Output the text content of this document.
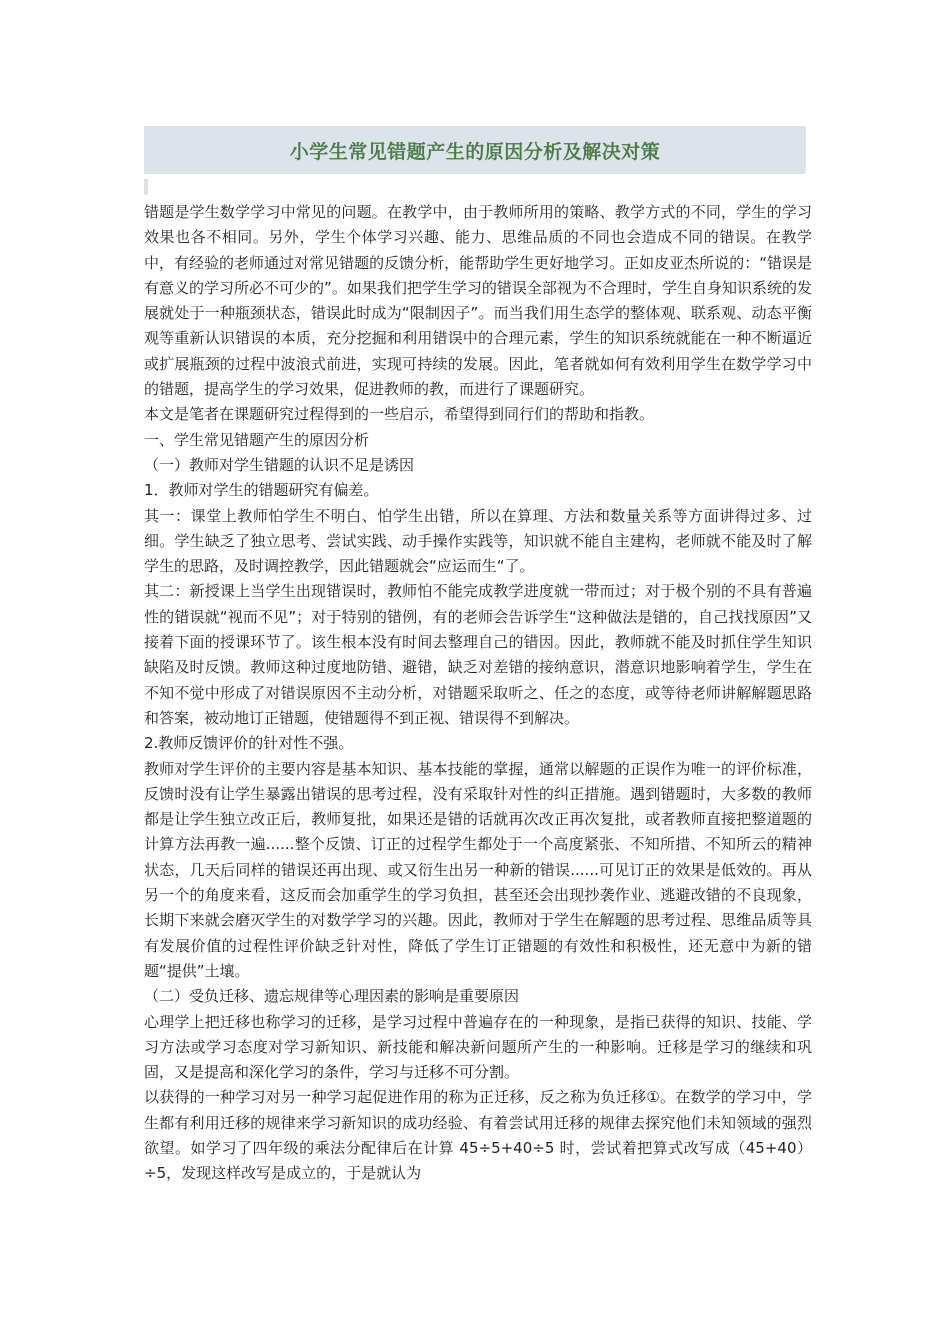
小学生常见错题产生的原因分析及解决对策

错题是学生数学学习中常见的问题。在教学中，由于教师所用的策略、教学方式的不同，学生的学习效果也各不相同。另外，学生个体学习兴趣、能力、思维品质的不同也会造成不同的错误。在教学中，有经验的老师通过对常见错题的反馈分析，能帮助学生更好地学习。正如皮亚杰所说的：“错误是有意义的学习所必不可少的”。如果我们把学生学习的错误全部视为不合理时，学生自身知识系统的发展就处于一种瓶颈状态，错误此时成为“限制因子”。而当我们用生态学的整体观、联系观、动态平衡观等重新认识错误的本质，充分挖掘和利用错误中的合理元素，学生的知识系统就能在一种不断逼近或扩展瓶颈的过程中波浪式前进，实现可持续的发展。因此，笔者就如何有效利用学生在数学学习中的错题，提高学生的学习效果，促进教师的教，而进行了课题研究。

本文是笔者在课题研究过程得到的一些启示，希望得到同行们的帮助和指教。

一、学生常见错题产生的原因分析

（一）教师对学生错题的认识不足是诱因

1．教师对学生的错题研究有偏差。

其一：课堂上教师怕学生不明白、怕学生出错，所以在算理、方法和数量关系等方面讲得过多、过细。学生缺乏了独立思考、尝试实践、动手操作实践等，知识就不能自主建构，老师就不能及时了解学生的思路，及时调控教学，因此错题就会“应运而生“了。

其二：新授课上当学生出现错误时，教师怕不能完成教学进度就一带而过；对于极个别的不具有普遍性的错误就“视而不见”；对于特别的错例，有的老师会告诉学生“这种做法是错的，自己找找原因”又接着下面的授课环节了。该生根本没有时间去整理自己的错因。因此，教师就不能及时抓住学生知识缺陷及时反馈。教师这种过度地防错、避错，缺乏对差错的接纳意识，潜意识地影响着学生，学生在不知不觉中形成了对错误原因不主动分析，对错题采取听之、任之的态度，或等待老师讲解解题思路和答案，被动地订正错题，使错题得不到正视、错误得不到解决。

2.教师反馈评价的针对性不强。

教师对学生评价的主要内容是基本知识、基本技能的掌握，通常以解题的正误作为唯一的评价标准，反馈时没有让学生暴露出错误的思考过程，没有采取针对性的纠正措施。遇到错题时，大多数的教师都是让学生独立改正后，教师复批，如果还是错的话就再次改正再次复批，或者教师直接把整道题的计算方法再教一遍......整个反馈、订正的过程学生都处于一个高度紧张、不知所措、不知所云的精神状态，几天后同样的错误还再出现、或又衍生出另一种新的错误......可见订正的效果是低效的。再从另一个的角度来看，这反而会加重学生的学习负担，甚至还会出现抄袭作业、逃避改错的不良现象，长期下来就会磨灭学生的对数学学习的兴趣。因此，教师对于学生在解题的思考过程、思维品质等具有发展价值的过程性评价缺乏针对性，降低了学生订正错题的有效性和积极性，还无意中为新的错题“提供”土壤。

（二）受负迁移、遗忘规律等心理因素的影响是重要原因

心理学上把迁移也称学习的迁移，是学习过程中普遍存在的一种现象，是指已获得的知识、技能、学习方法或学习态度对学习新知识、新技能和解决新问题所产生的一种影响。迁移是学习的继续和巩固，又是提高和深化学习的条件，学习与迁移不可分割。

以获得的一种学习对另一种学习起促进作用的称为正迁移，反之称为负迁移①。在数学的学习中，学生都有利用迁移的规律来学习新知识的成功经验、有着尝试用迁移的规律去探究他们未知领域的强烈欲望。如学习了四年级的乘法分配律后在计算 45÷5+40÷5 时，尝试着把算式改写成（45+40）÷5，发现这样改写是成立的，于是就认为
